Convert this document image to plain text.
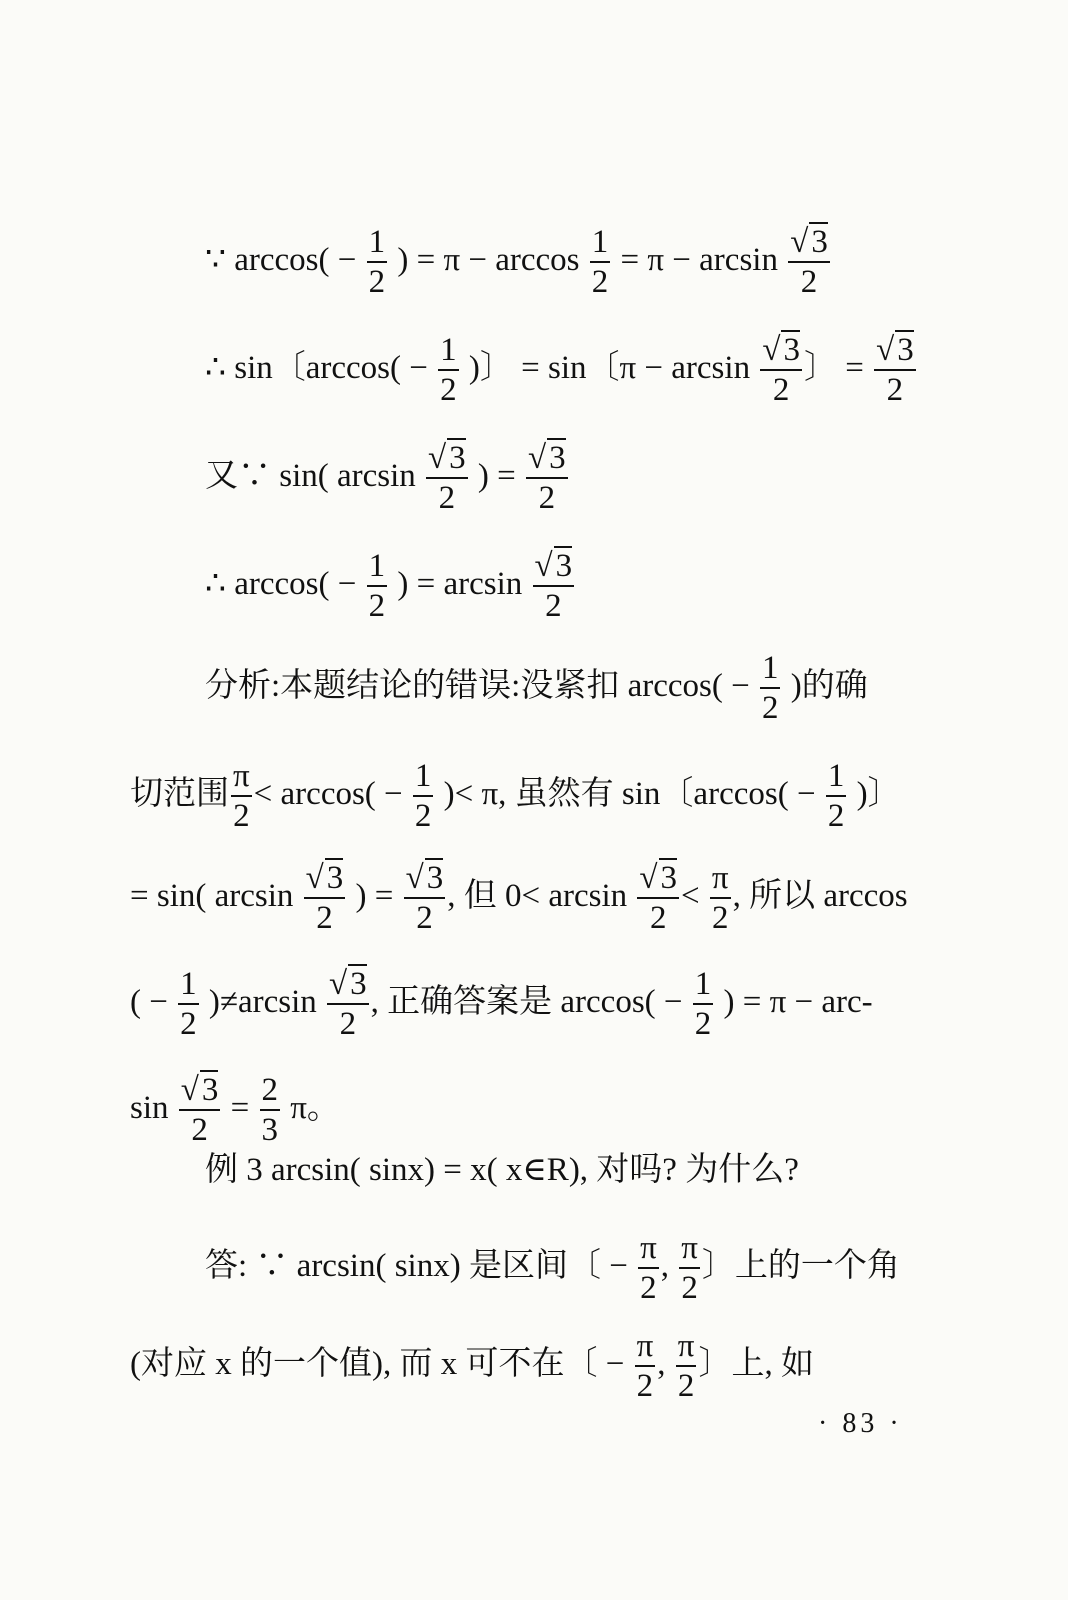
∵ $\arccos( - \frac{1}{2}$ ) = $\pi - \arccos \frac{1}{2} = \pi - \arcsin \frac{√3}{2}$
∴ sin〔$\arccos( - \frac{1}{2}$ )〕 = sin〔$\pi - \arcsin \frac{√3}{2}$ 〕 = $\frac{√3}{2}$
又∵ sin( $\arcsin \frac{√3}{2}$ ) = $\frac{√3}{2}$
∴ $\arccos( - \frac{1}{2}$ ) = $\arcsin \frac{√3}{2}$
分析:本题结论的错误:没紧扣 $\arccos( - \frac{1}{2}$ )的确
切范围 $\frac{\pi}{2} < \arccos( - \frac{1}{2}$ )< π, 虽然有 sin〔$\arccos( - \frac{1}{2}$ )〕
= sin( $\arcsin \frac{√3}{2}$ ) = $\frac{√3}{2}$ , 但 $0< \arcsin \frac{√3}{2} < \frac{\pi}{2}$ , 所以 arccos
( − $\frac{1}{2} )\ne\arcsin \frac{√3}{2}$ , 正确答案是 $\arccos( - \frac{1}{2}$ ) = π − arc-
$\sin \frac{√3}{2} = \frac{2}{3}$ π。
例 3 arcsin( sinx) = x( x∈R), 对吗? 为什么?
答: ∵ arcsin( sinx) 是区间〔 − $\frac{\pi}{2}$ , $\frac{\pi}{2}$ 〕上的一个角
(对应 x 的一个值), 而 x 可不在〔 − $\frac{\pi}{2}$ , $\frac{\pi}{2}$ 〕上, 如
· 83 ·
